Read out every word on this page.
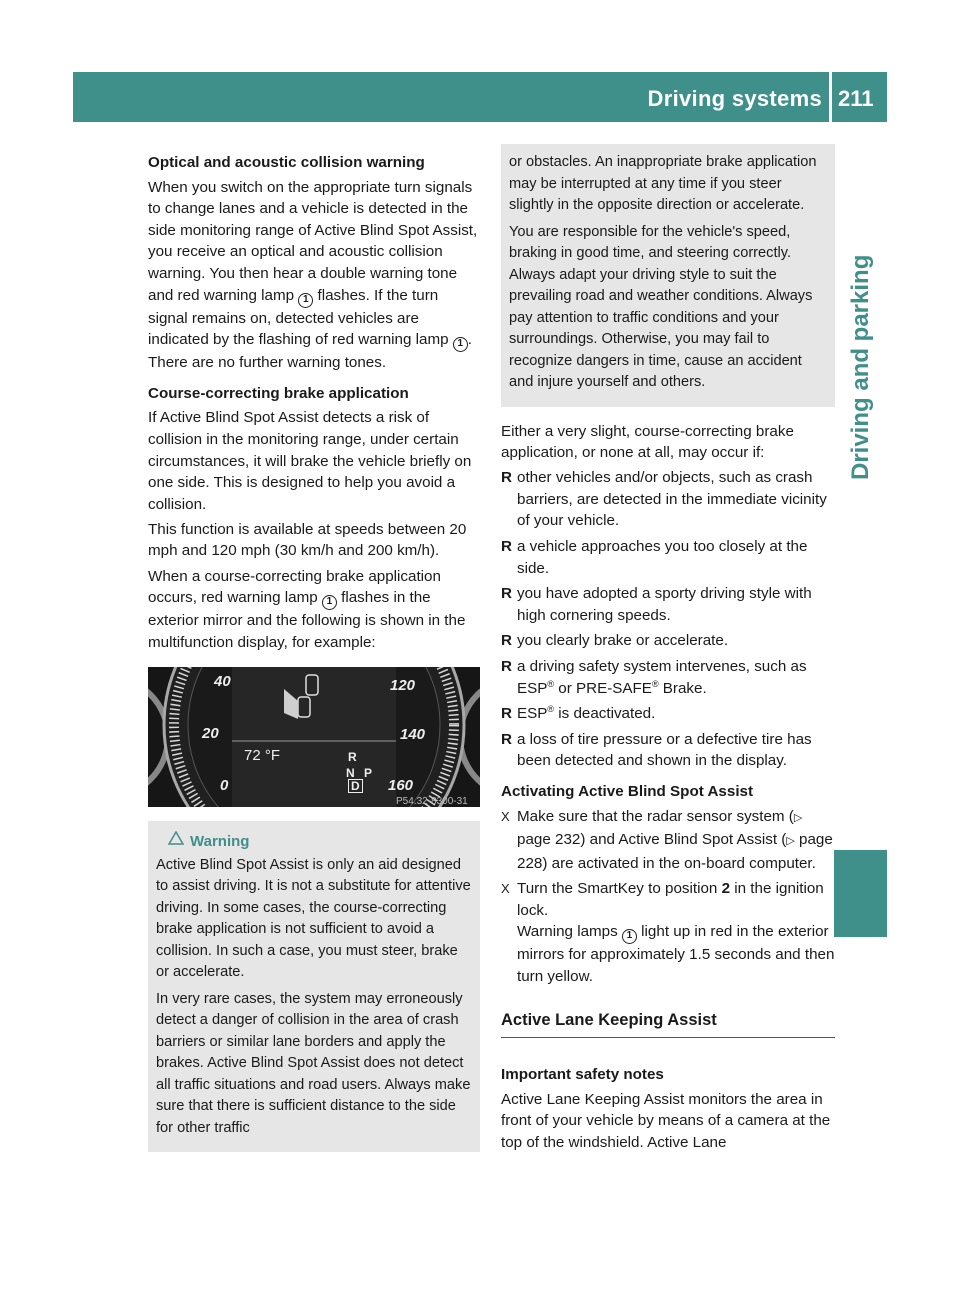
Driving systems 211
Driving and parking
Optical and acoustic collision warning

When you switch on the appropriate turn signals to change lanes and a vehicle is detected in the side monitoring range of Active Blind Spot Assist, you receive an optical and acoustic collision warning. You then hear a double warning tone and red warning lamp 1 flashes. If the turn signal remains on, detected vehicles are indicated by the flashing of red warning lamp 1 . There are no further warning tones.

Course-correcting brake application

If Active Blind Spot Assist detects a risk of collision in the monitoring range, under certain circumstances, it will brake the vehicle briefly on one side. This is designed to help you avoid a collision.

This function is available at speeds between 20 mph and 120 mph (30 km/h and 200 km/h).

When a course-correcting brake application occurs, red warning lamp 1 flashes in the exterior mirror and the following is shown in the multifunction display, for example:

40
20
0
120
140
160
72 °F	R
N P
D
P54.32-8300-31
Warning

Active Blind Spot Assist is only an aid designed to assist driving. It is not a substitute for attentive driving. In some cases, the course-correcting brake application is not sufficient to avoid a collision. In such a case, you must steer, brake or accelerate.

In very rare cases, the system may erroneously detect a danger of collision in the area of crash barriers or similar lane borders and apply the brakes. Active Blind Spot Assist does not detect all traffic situations and road users. Always make sure that there is sufficient distance to the side for other traffic

or obstacles. An inappropriate brake application may be interrupted at any time if you steer slightly in the opposite direction or accelerate.

You are responsible for the vehicle's speed, braking in good time, and steering correctly. Always adapt your driving style to suit the prevailing road and weather conditions. Always pay attention to traffic conditions and your surroundings. Otherwise, you may fail to recognize dangers in time, cause an accident and injure yourself and others.

Either a very slight, course-correcting brake application, or none at all, may occur if:

R other vehicles and/or objects, such as crash barriers, are detected in the immediate vicinity of your vehicle.
R a vehicle approaches you too closely at the side.
R you have adopted a sporty driving style with high cornering speeds.
R you clearly brake or accelerate.
R a driving safety system intervenes, such as ESP® or PRE-SAFE® Brake.
R ESP® is deactivated.
R a loss of tire pressure or a defective tire has been detected and shown in the display.
Activating Active Blind Spot Assist
X Make sure that the radar sensor system (▷ page 232) and Active Blind Spot Assist (▷ page 228) are activated in the on-board computer.
X Turn the SmartKey to position 2 in the ignition lock.
Warning lamps 1 light up in red in the exterior mirrors for approximately 1.5 seconds and then turn yellow.
Active Lane Keeping Assist
Important safety notes

Active Lane Keeping Assist monitors the area in front of your vehicle by means of a camera at the top of the windshield. Active Lane
